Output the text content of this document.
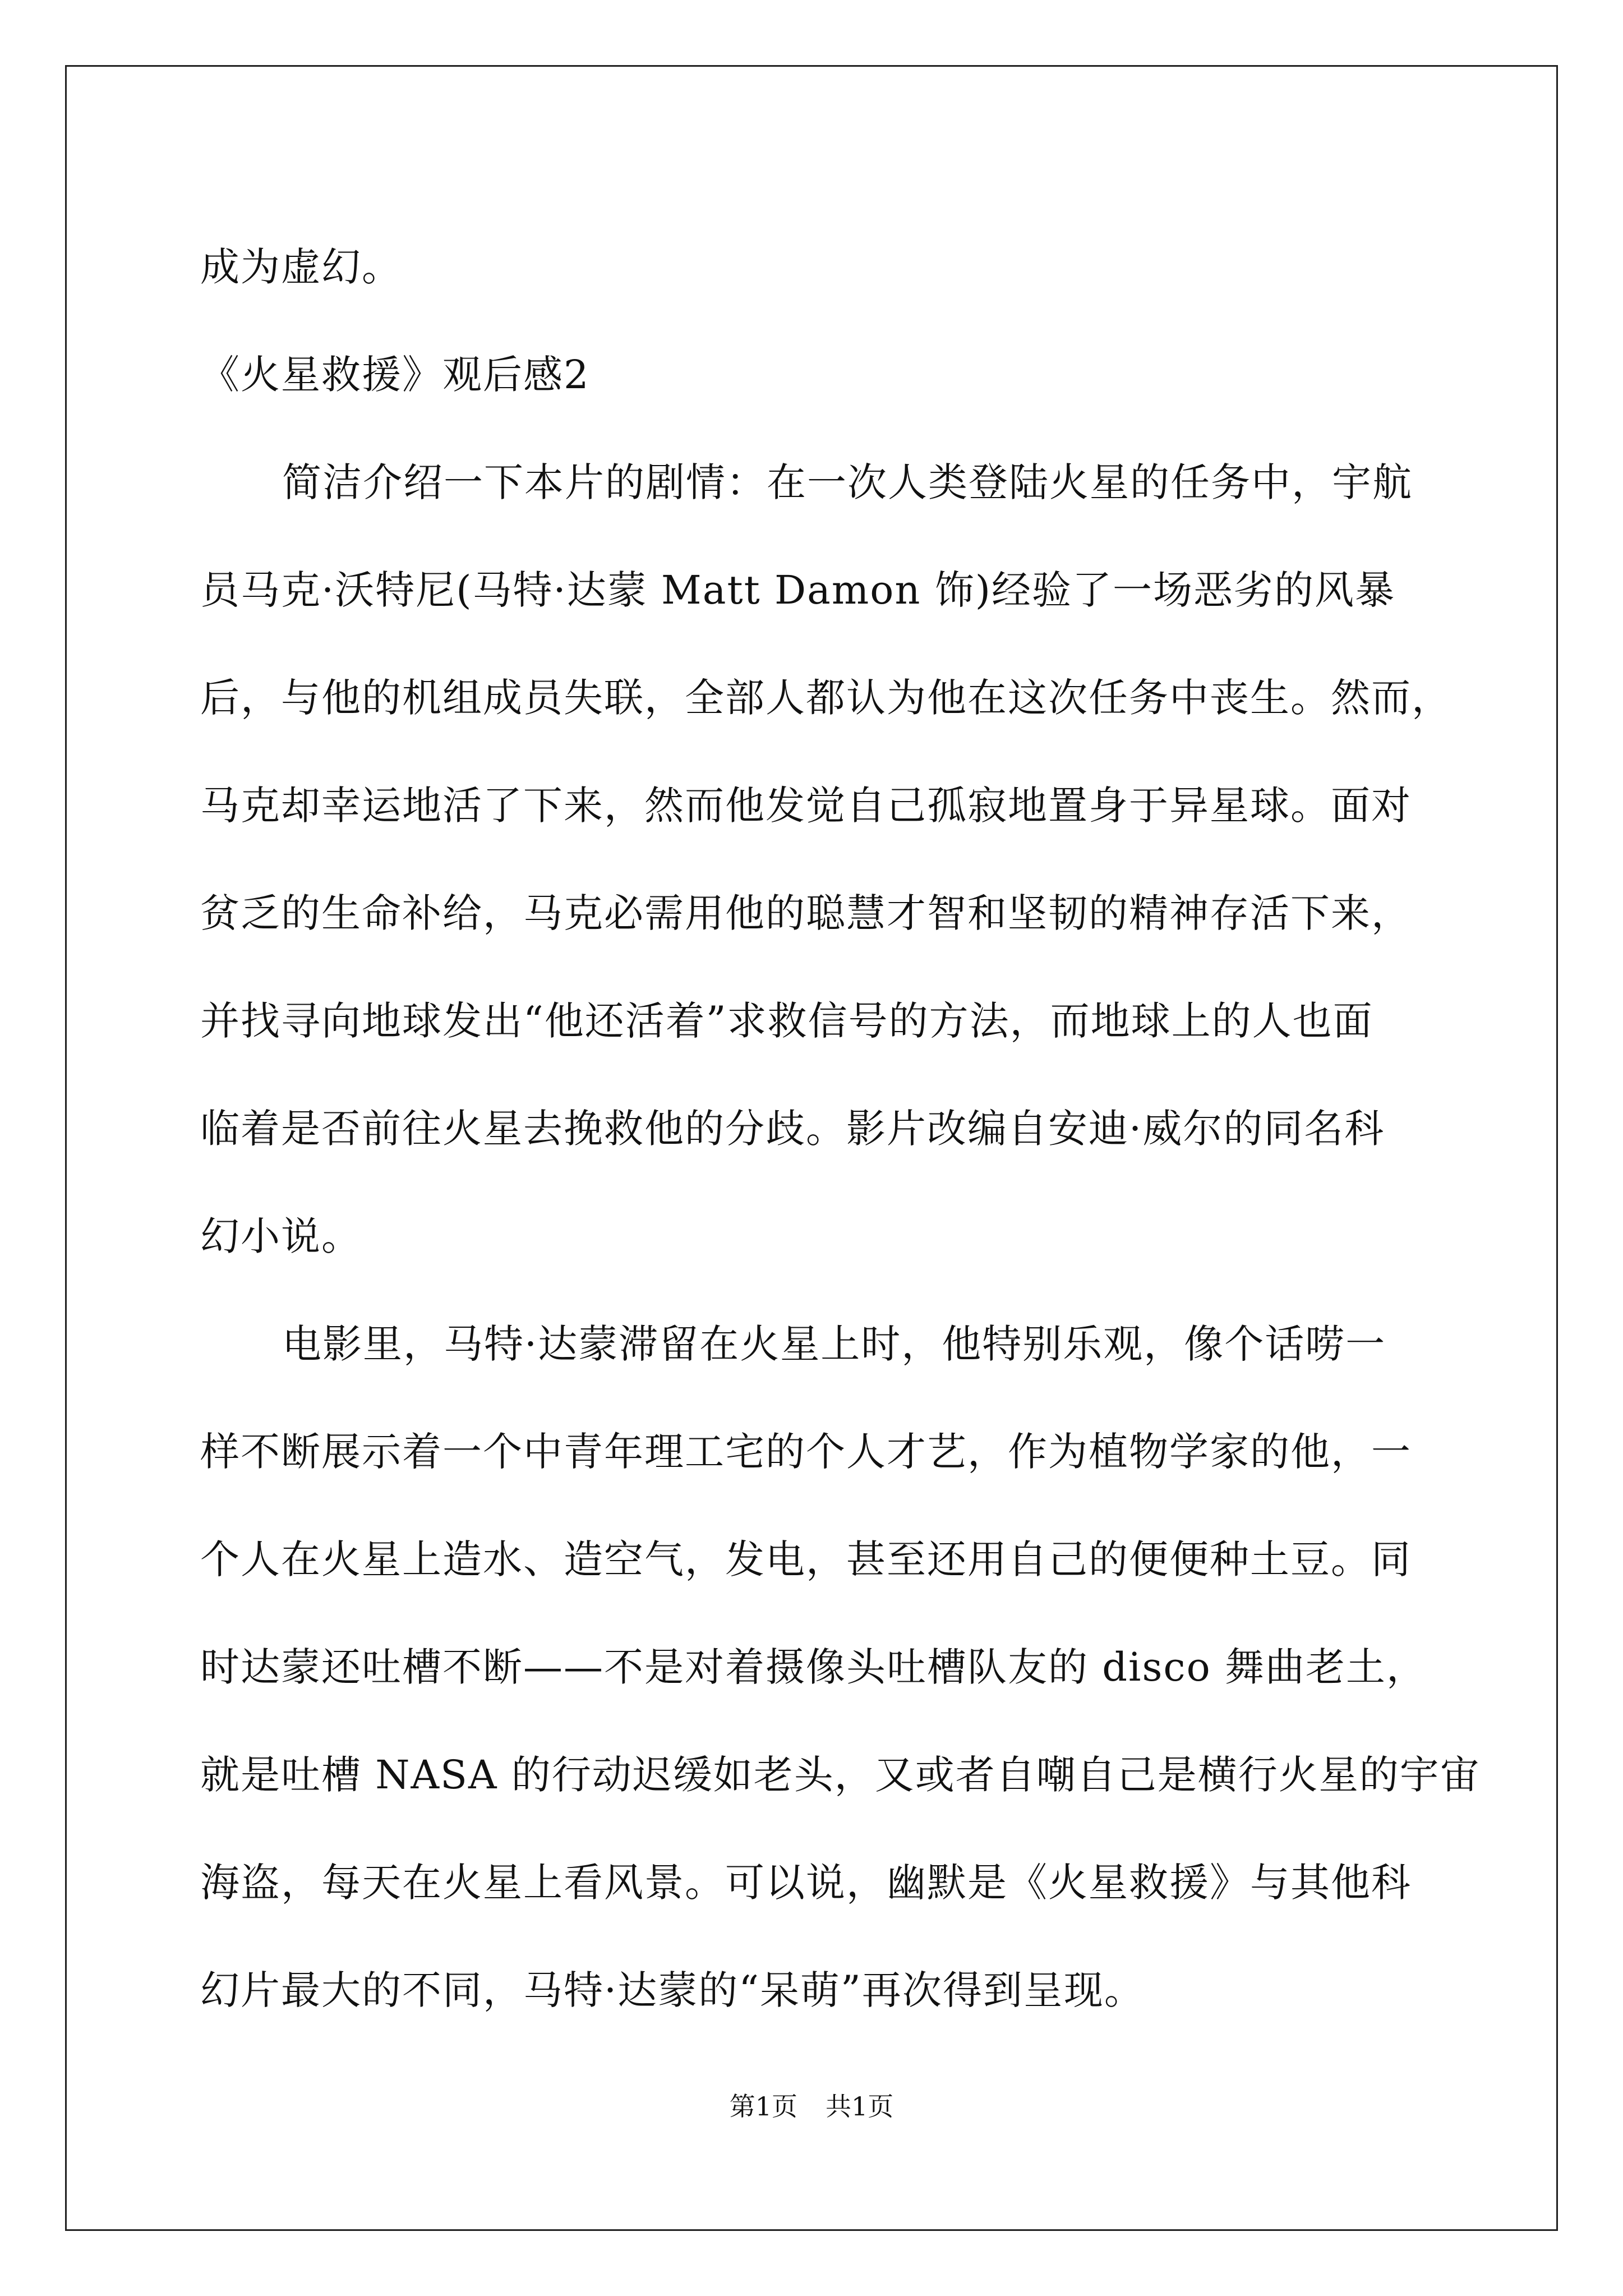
成为虚幻。
《火星救援》观后感2
简洁介绍一下本片的剧情：在一次人类登陆火星的任务中，宇航
员马克·沃特尼(马特·达蒙 Matt Damon 饰)经验了一场恶劣的风暴
后，与他的机组成员失联，全部人都认为他在这次任务中丧生。然而，
马克却幸运地活了下来，然而他发觉自己孤寂地置身于异星球。面对
贫乏的生命补给，马克必需用他的聪慧才智和坚韧的精神存活下来，
并找寻向地球发出“他还活着”求救信号的方法，而地球上的人也面
临着是否前往火星去挽救他的分歧。影片改编自安迪·威尔的同名科
幻小说。
电影里，马特·达蒙滞留在火星上时，他特别乐观，像个话唠一
样不断展示着一个中青年理工宅的个人才艺，作为植物学家的他，一
个人在火星上造水、造空气，发电，甚至还用自己的便便种土豆。同
时达蒙还吐槽不断——不是对着摄像头吐槽队友的 disco 舞曲老土，
就是吐槽 NASA 的行动迟缓如老头，又或者自嘲自己是横行火星的宇宙
海盗，每天在火星上看风景。可以说，幽默是《火星救援》与其他科
幻片最大的不同，马特·达蒙的“呆萌”再次得到呈现。
第1页 共1页
